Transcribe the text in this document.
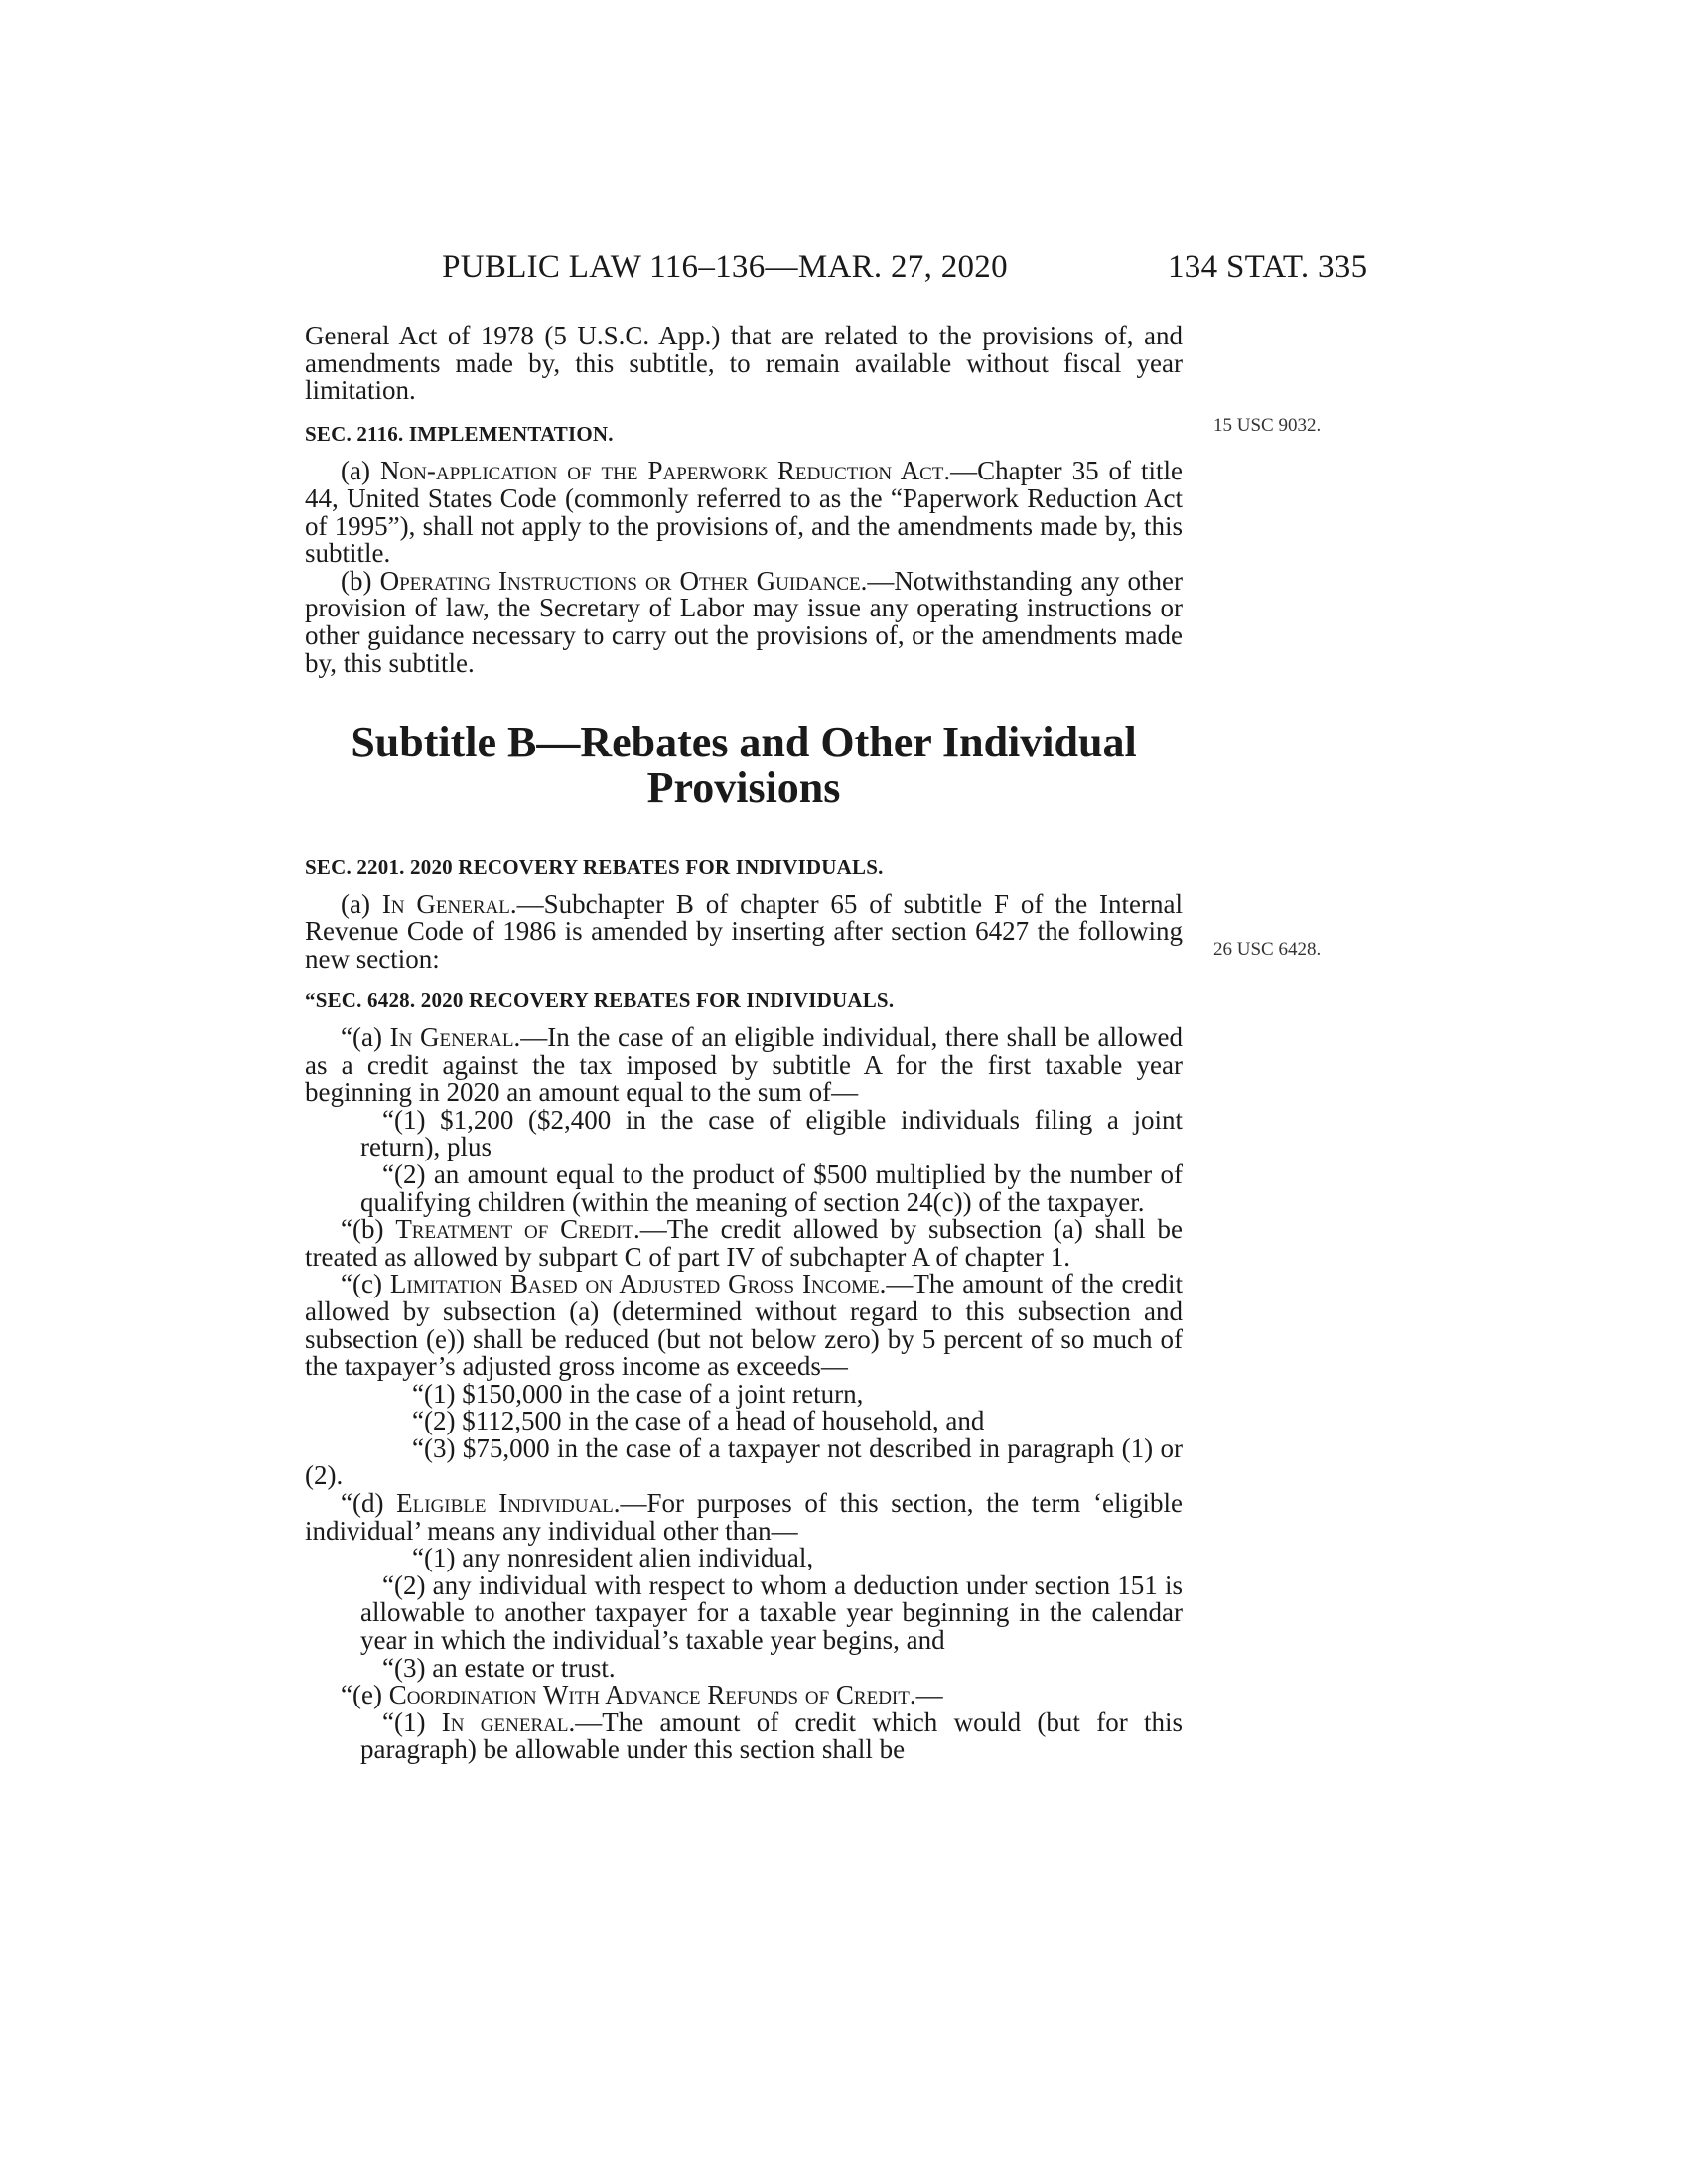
PUBLIC LAW 116–136—MAR. 27, 2020	134 STAT. 335

General Act of 1978 (5 U.S.C. App.) that are related to the provisions of, and amendments made by, this subtitle, to remain available without fiscal year limitation.

SEC. 2116. IMPLEMENTATION.

(a) Non-application of the Paperwork Reduction Act.—Chapter 35 of title 44, United States Code (commonly referred to as the “Paperwork Reduction Act of 1995”), shall not apply to the provisions of, and the amendments made by, this subtitle.

(b) Operating Instructions or Other Guidance.—Notwithstanding any other provision of law, the Secretary of Labor may issue any operating instructions or other guidance necessary to carry out the provisions of, or the amendments made by, this subtitle.

15 USC 9032.
Subtitle B—Rebates and Other Individual
Provisions

SEC. 2201. 2020 RECOVERY REBATES FOR INDIVIDUALS.

(a) In General.—Subchapter B of chapter 65 of subtitle F of the Internal Revenue Code of 1986 is amended by inserting after section 6427 the following new section:

“SEC. 6428. 2020 RECOVERY REBATES FOR INDIVIDUALS.

“(a) In General.—In the case of an eligible individual, there shall be allowed as a credit against the tax imposed by subtitle A for the first taxable year beginning in 2020 an amount equal to the sum of—

“(1) $1,200 ($2,400 in the case of eligible individuals filing a joint return), plus

“(2) an amount equal to the product of $500 multiplied by the number of qualifying children (within the meaning of section 24(c)) of the taxpayer.

“(b) Treatment of Credit.—The credit allowed by subsection (a) shall be treated as allowed by subpart C of part IV of subchapter A of chapter 1.

“(c) Limitation Based on Adjusted Gross Income.—The amount of the credit allowed by subsection (a) (determined without regard to this subsection and subsection (e)) shall be reduced (but not below zero) by 5 percent of so much of the taxpayer’s adjusted gross income as exceeds—

“(1) $150,000 in the case of a joint return,

“(2) $112,500 in the case of a head of household, and

“(3) $75,000 in the case of a taxpayer not described in paragraph (1) or (2).

“(d) Eligible Individual.—For purposes of this section, the term ‘eligible individual’ means any individual other than—

“(1) any nonresident alien individual,

“(2) any individual with respect to whom a deduction under section 151 is allowable to another taxpayer for a taxable year beginning in the calendar year in which the individual’s taxable year begins, and

“(3) an estate or trust.

“(e) Coordination With Advance Refunds of Credit.—

“(1) In general.—The amount of credit which would (but for this paragraph) be allowable under this section shall be

26 USC 6428.
